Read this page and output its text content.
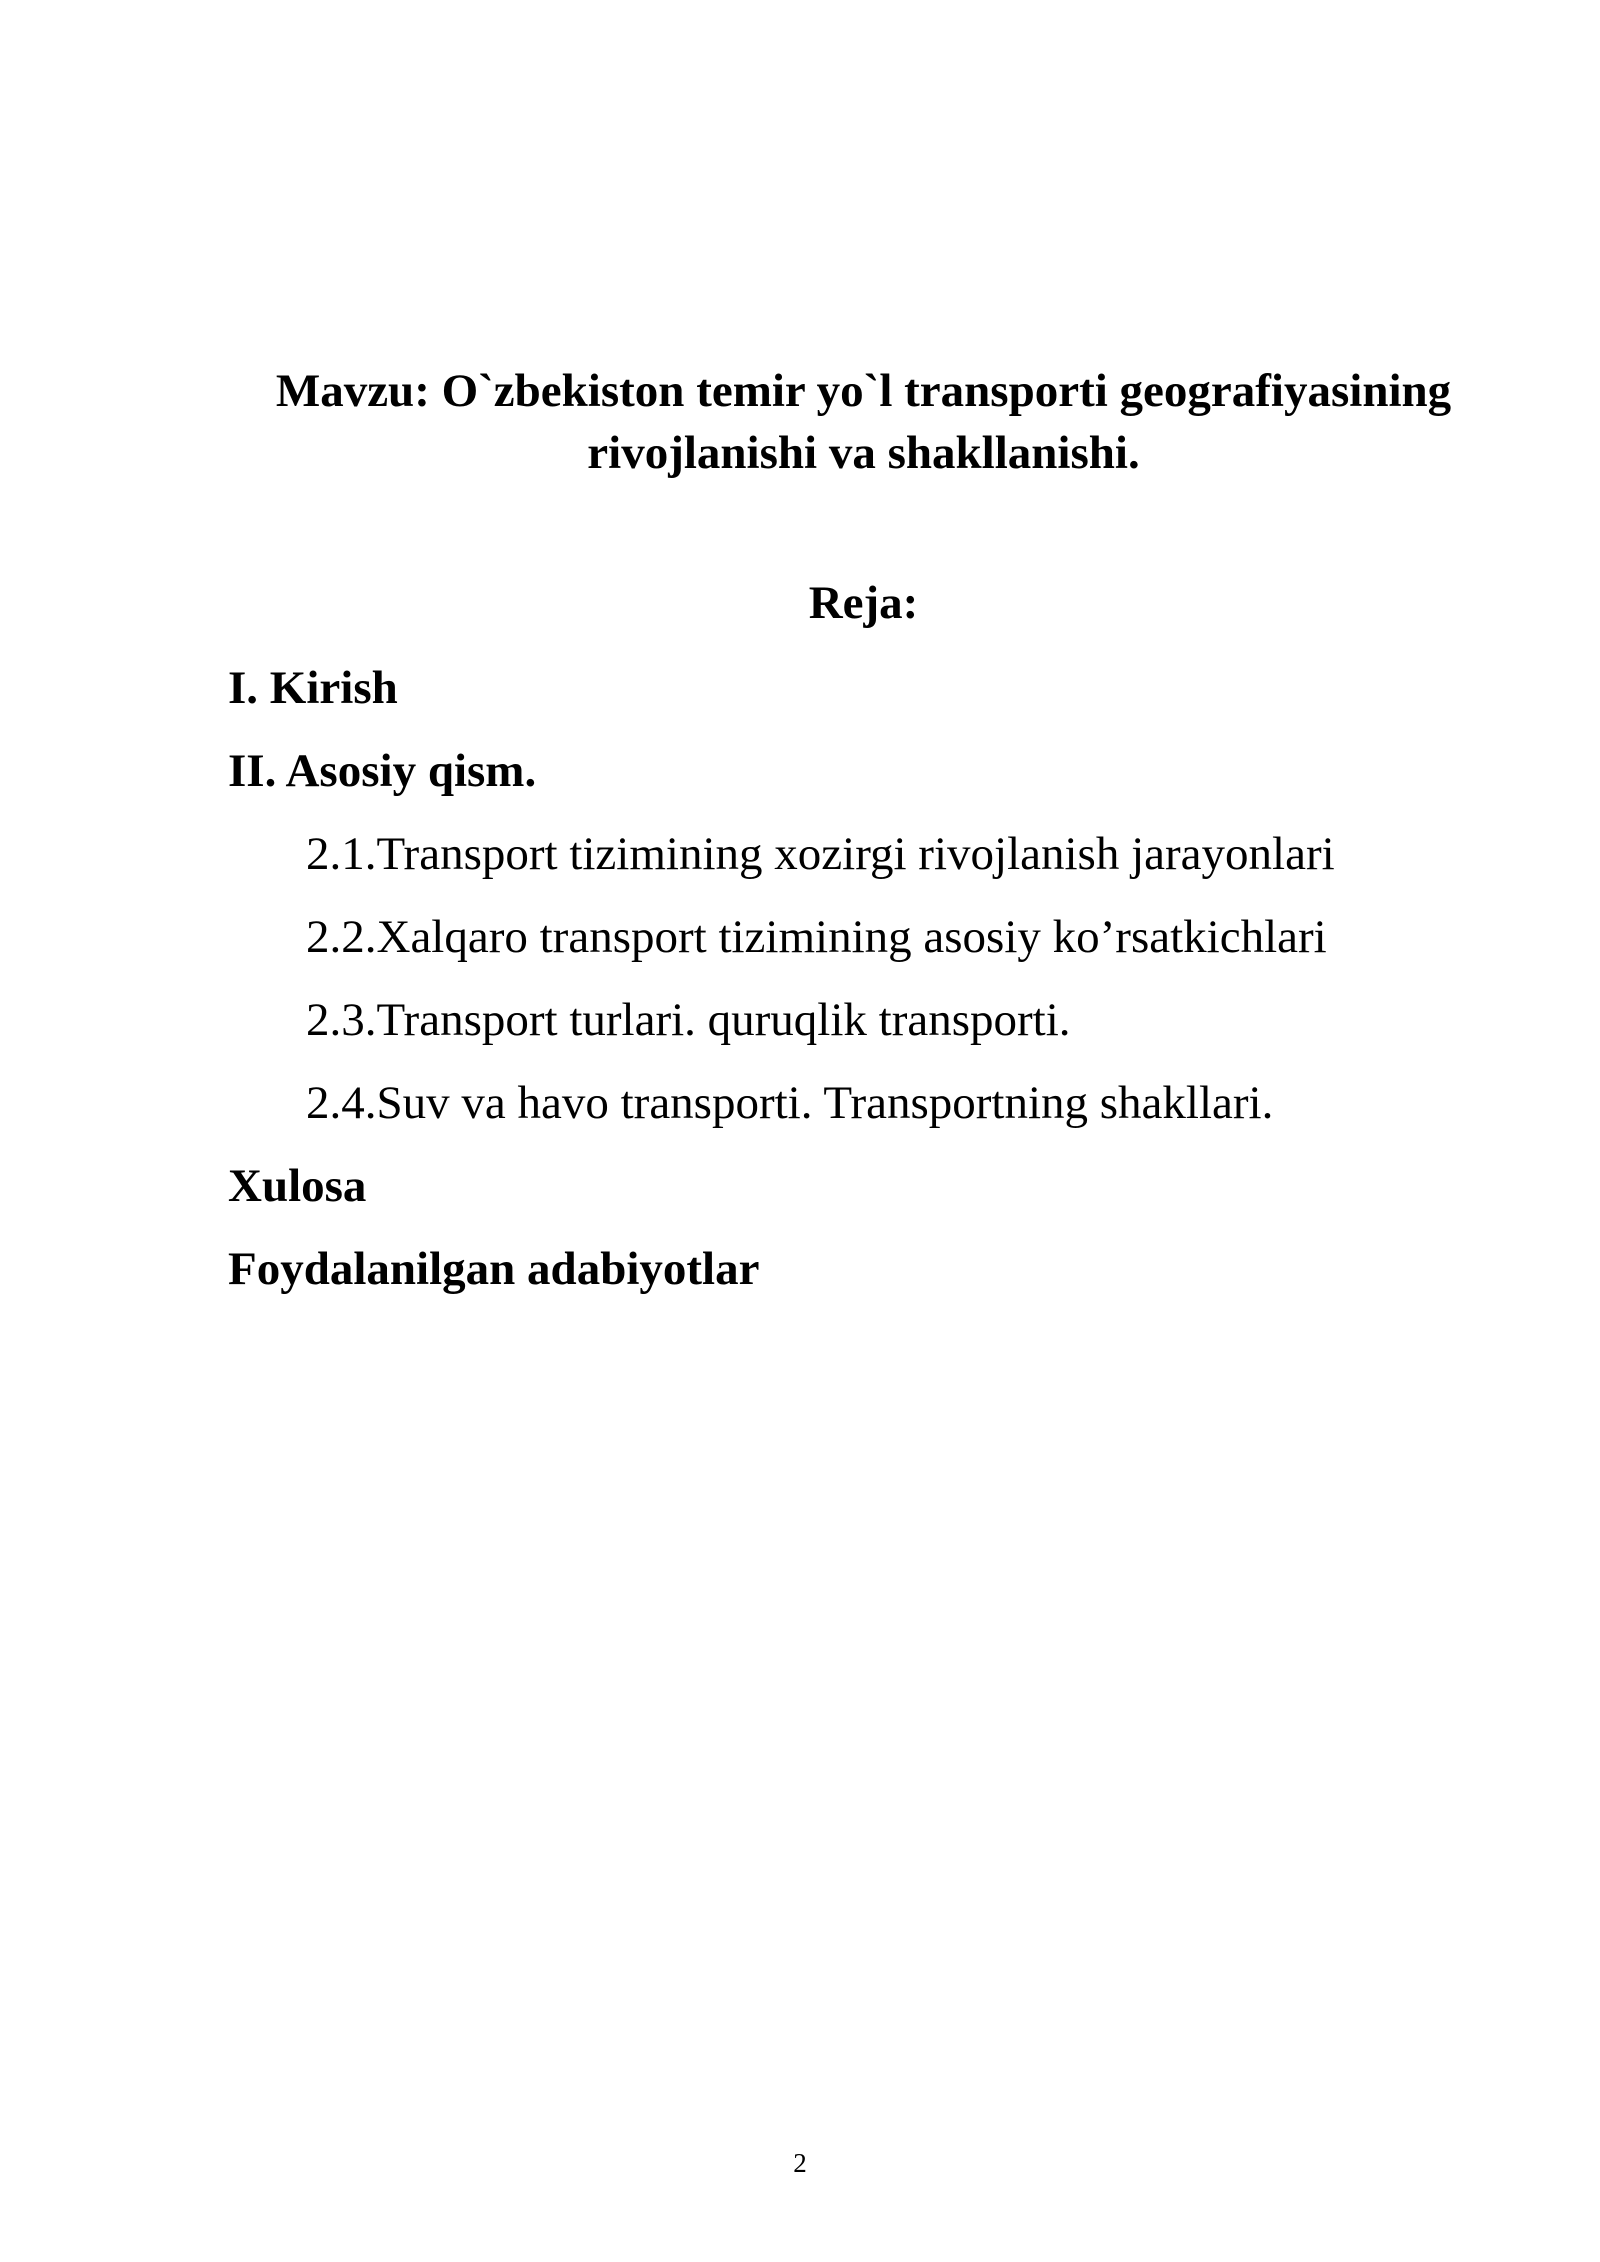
Mavzu: O`zbekiston temir yo`l transporti geografiyasining
rivojlanishi va shakllanishi.
Reja:
I. Kirish
II. Asosiy qism.
2.1.Transport tizimining xozirgi rivojlanish jarayonlari
2.2.Xalqaro transport tizimining asosiy ko’rsatkichlari
2.3.Transport turlari. quruqlik transporti.
2.4.Suv va havo transporti. Transportning shakllari.
Xulosa
Foydalanilgan adabiyotlar
2
